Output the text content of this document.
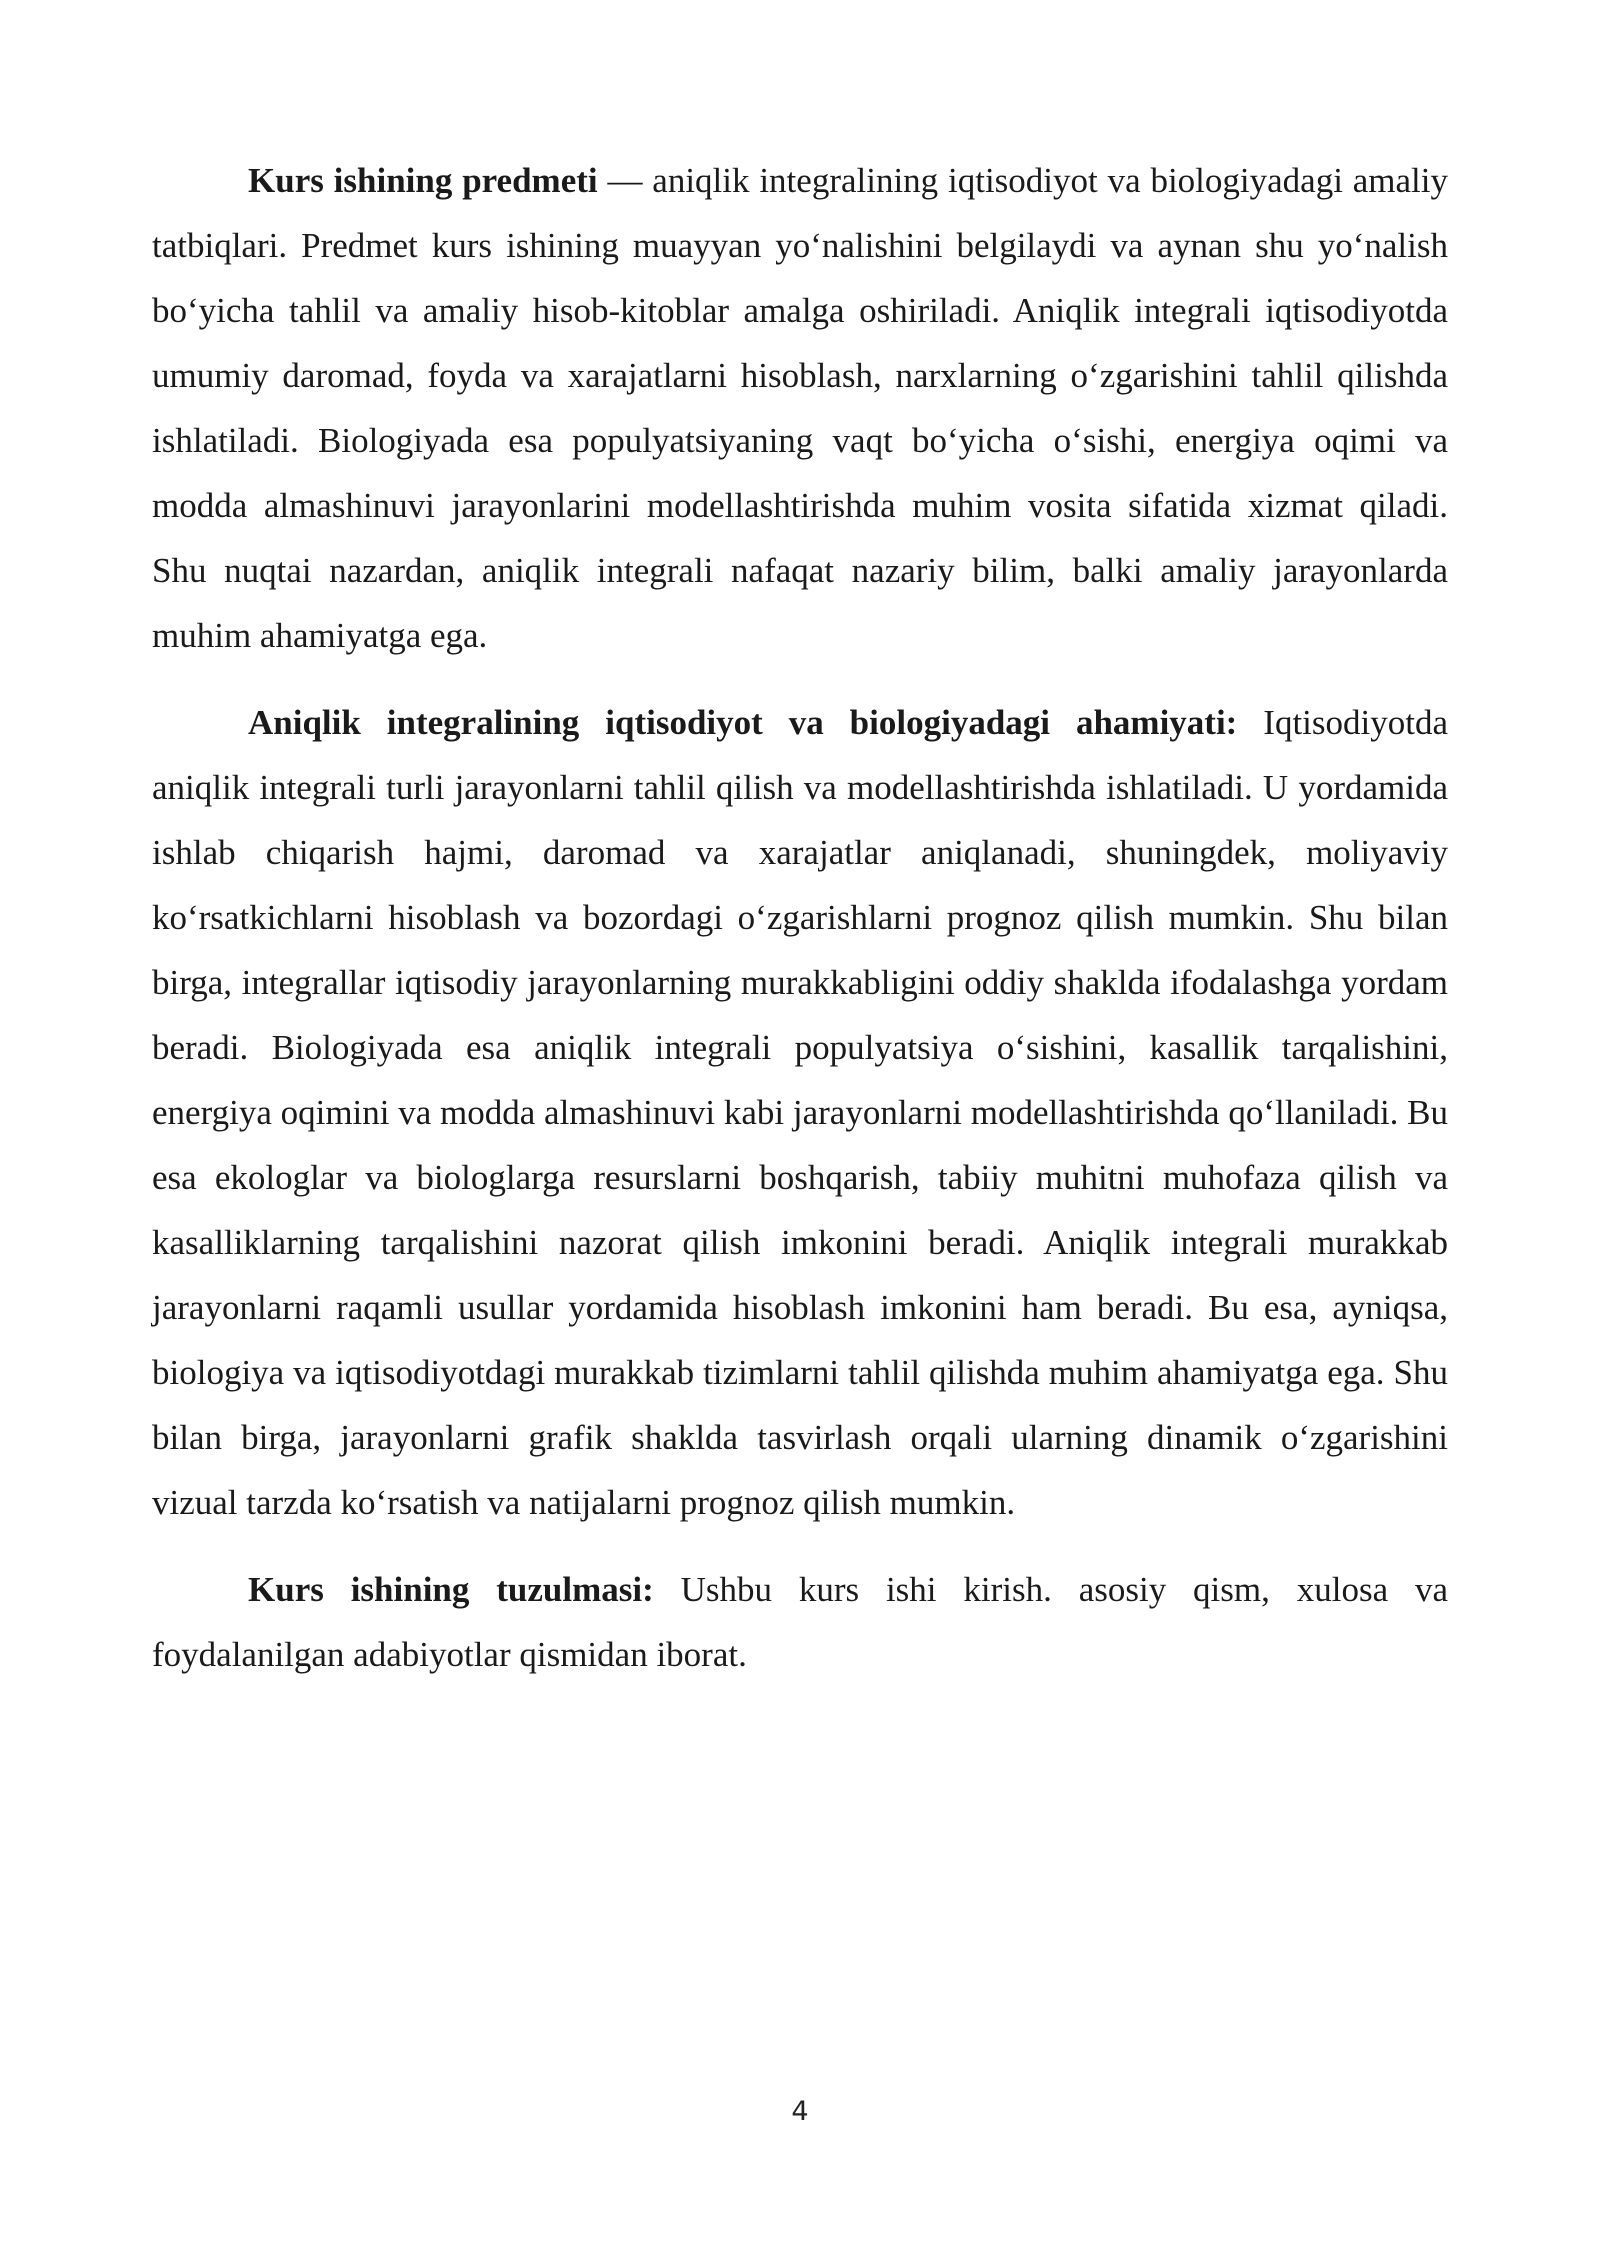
Kurs ishining predmeti — aniqlik integralining iqtisodiyot va biologiyadagi amaliy tatbiqlari. Predmet kurs ishining muayyan yo‘nalishini belgilaydi va aynan shu yo‘nalish bo‘yicha tahlil va amaliy hisob-kitoblar amalga oshiriladi. Aniqlik integrali iqtisodiyotda umumiy daromad, foyda va xarajatlarni hisoblash, narxlarning o‘zgarishini tahlil qilishda ishlatiladi. Biologiyada esa populyatsiyaning vaqt bo‘yicha o‘sishi, energiya oqimi va modda almashinuvi jarayonlarini modellashtirishda muhim vosita sifatida xizmat qiladi. Shu nuqtai nazardan, aniqlik integrali nafaqat nazariy bilim, balki amaliy jarayonlarda muhim ahamiyatga ega.

Aniqlik integralining iqtisodiyot va biologiyadagi ahamiyati: Iqtisodiyotda aniqlik integrali turli jarayonlarni tahlil qilish va modellashtirishda ishlatiladi. U yordamida ishlab chiqarish hajmi, daromad va xarajatlar aniqlanadi, shuningdek, moliyaviy ko‘rsatkichlarni hisoblash va bozordagi o‘zgarishlarni prognoz qilish mumkin. Shu bilan birga, integrallar iqtisodiy jarayonlarning murakkabligini oddiy shaklda ifodalashga yordam beradi. Biologiyada esa aniqlik integrali populyatsiya o‘sishini, kasallik tarqalishini, energiya oqimini va modda almashinuvi kabi jarayonlarni modellashtirishda qo‘llaniladi. Bu esa ekologlar va biologlarga resurslarni boshqarish, tabiiy muhitni muhofaza qilish va kasalliklarning tarqalishini nazorat qilish imkonini beradi. Aniqlik integrali murakkab jarayonlarni raqamli usullar yordamida hisoblash imkonini ham beradi. Bu esa, ayniqsa, biologiya va iqtisodiyotdagi murakkab tizimlarni tahlil qilishda muhim ahamiyatga ega. Shu bilan birga, jarayonlarni grafik shaklda tasvirlash orqali ularning dinamik o‘zgarishini vizual tarzda ko‘rsatish va natijalarni prognoz qilish mumkin.

Kurs ishining tuzulmasi: Ushbu kurs ishi kirish. asosiy qism, xulosa va foydalanilgan adabiyotlar qismidan iborat.

4
